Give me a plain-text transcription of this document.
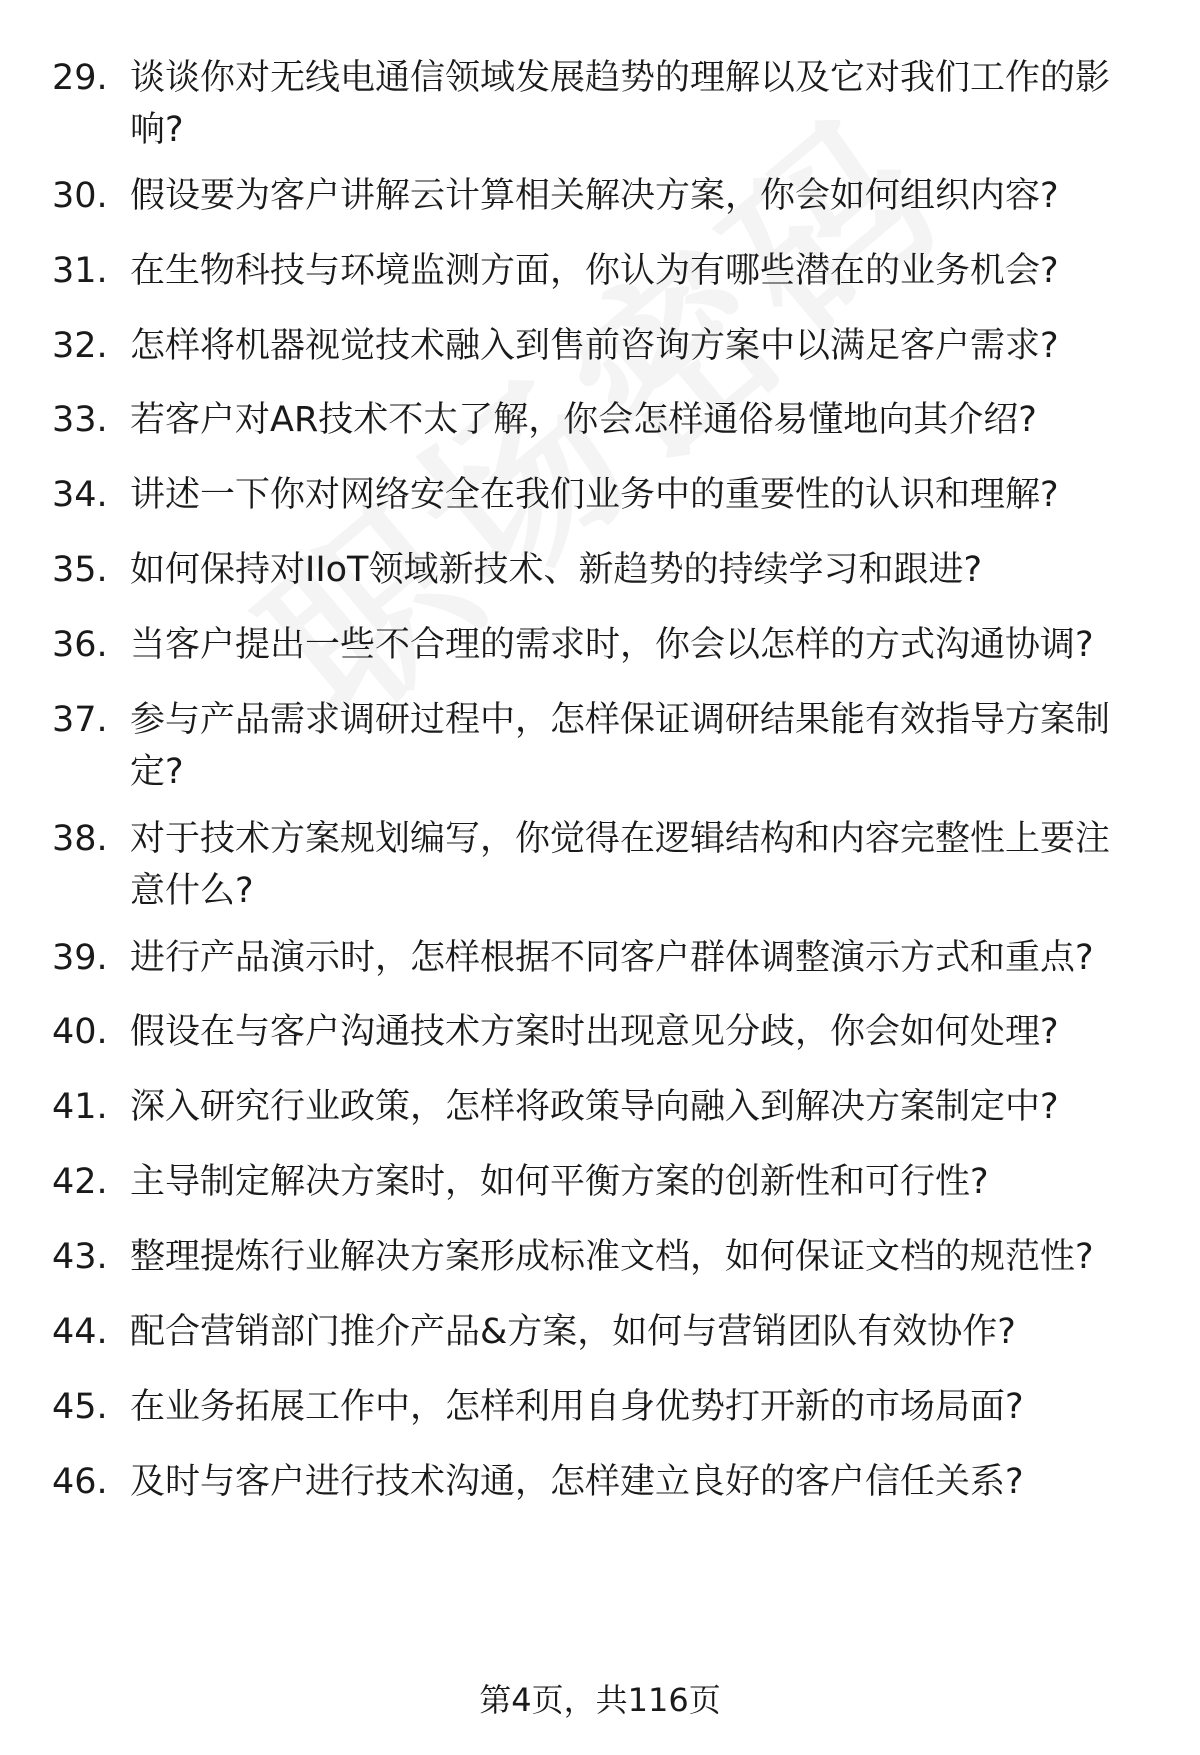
29. 谈谈你对无线电通信领域发展趋势的理解以及它对我们工作的影响?
30. 假设要为客户讲解云计算相关解决方案，你会如何组织内容?
31. 在生物科技与环境监测方面，你认为有哪些潜在的业务机会?
32. 怎样将机器视觉技术融入到售前咨询方案中以满足客户需求?
33. 若客户对AR技术不太了解，你会怎样通俗易懂地向其介绍?
34. 讲述一下你对网络安全在我们业务中的重要性的认识和理解?
35. 如何保持对IIoT领域新技术、新趋势的持续学习和跟进?
36. 当客户提出一些不合理的需求时，你会以怎样的方式沟通协调?
37. 参与产品需求调研过程中，怎样保证调研结果能有效指导方案制定?
38. 对于技术方案规划编写，你觉得在逻辑结构和内容完整性上要注意什么?
39. 进行产品演示时，怎样根据不同客户群体调整演示方式和重点?
40. 假设在与客户沟通技术方案时出现意见分歧，你会如何处理?
41. 深入研究行业政策，怎样将政策导向融入到解决方案制定中?
42. 主导制定解决方案时，如何平衡方案的创新性和可行性?
43. 整理提炼行业解决方案形成标准文档，如何保证文档的规范性?
44. 配合营销部门推介产品&方案，如何与营销团队有效协作?
45. 在业务拓展工作中，怎样利用自身优势打开新的市场局面?
46. 及时与客户进行技术沟通，怎样建立良好的客户信任关系?
第4页，共116页
